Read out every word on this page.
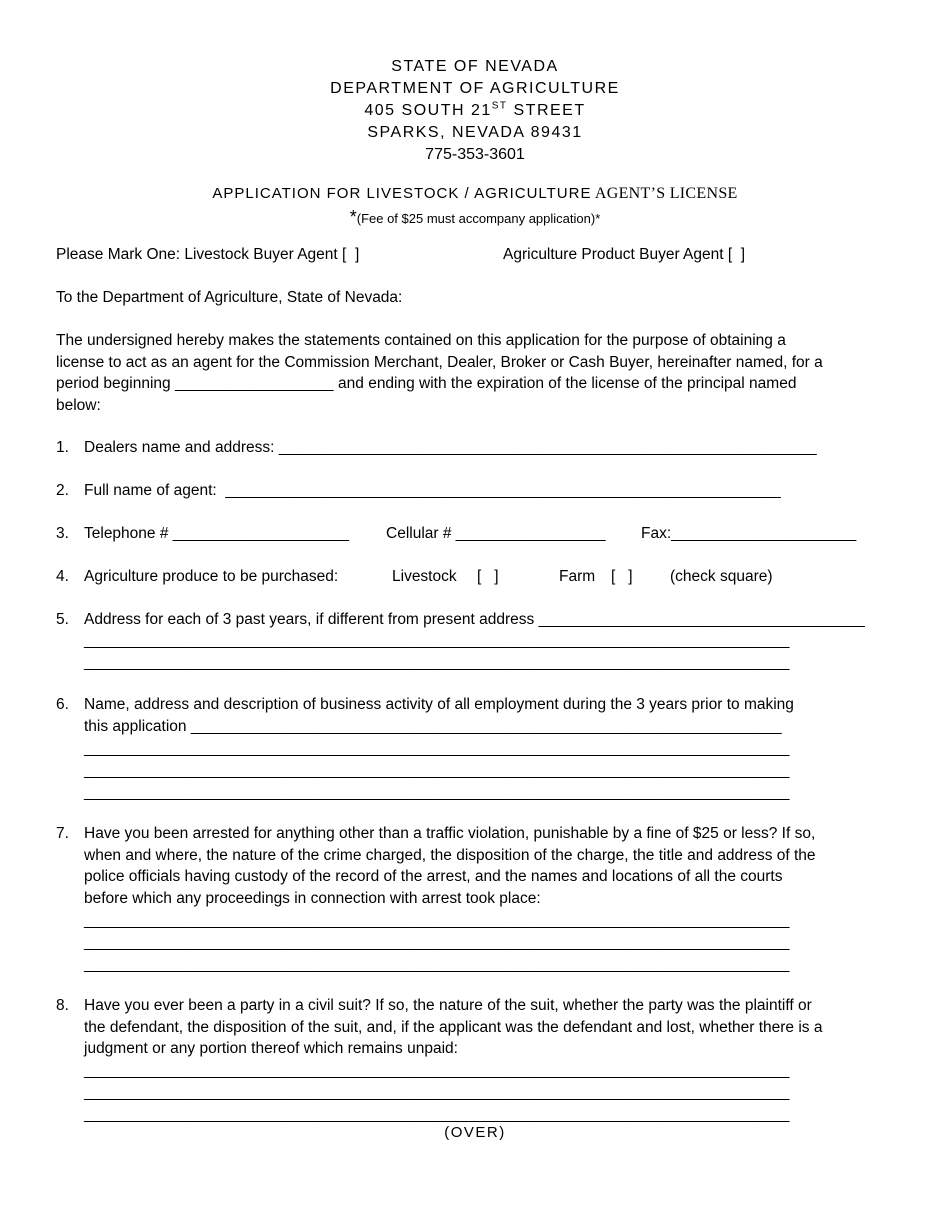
STATE OF NEVADA
DEPARTMENT OF AGRICULTURE
405 SOUTH 21ST STREET
SPARKS, NEVADA 89431
775-353-3601
APPLICATION FOR LIVESTOCK / AGRICULTURE AGENT’S LICENSE
*(Fee of $25 must accompany application)*
Please Mark One: Livestock Buyer Agent [  ]	Agriculture Product Buyer Agent [  ]
To the Department of Agriculture, State of Nevada:
The undersigned hereby makes the statements contained on this application for the purpose of obtaining a
license to act as an agent for the Commission Merchant, Dealer, Broker or Cash Buyer, hereinafter named, for a
period beginning __________________ and ending with the expiration of the license of the principal named
below:
1. Dealers name and address: _____________________________________________________________
2. Full name of agent:  _______________________________________________________________
3. Telephone # ____________________ Cellular # _________________ Fax:_____________________
4. Agriculture produce to be purchased:	Livestock [   ]	Farm [   ] (check square)
5. Address for each of 3 past years, if different from present address _____________________________________
________________________________________________________________________________
________________________________________________________________________________
6. Name, address and description of business activity of all employment during the 3 years prior to making
this application ___________________________________________________________________
________________________________________________________________________________
________________________________________________________________________________
________________________________________________________________________________
7. Have you been arrested for anything other than a traffic violation, punishable by a fine of $25 or less? If so,
when and where, the nature of the crime charged, the disposition of the charge, the title and address of the
police officials having custody of the record of the arrest, and the names and locations of all the courts
before which any proceedings in connection with arrest took place:
________________________________________________________________________________
________________________________________________________________________________
________________________________________________________________________________
8. Have you ever been a party in a civil suit? If so, the nature of the suit, whether the party was the plaintiff or
the defendant, the disposition of the suit, and, if the applicant was the defendant and lost, whether there is a
judgment or any portion thereof which remains unpaid:
________________________________________________________________________________
________________________________________________________________________________
________________________________________________________________________________
(OVER)
